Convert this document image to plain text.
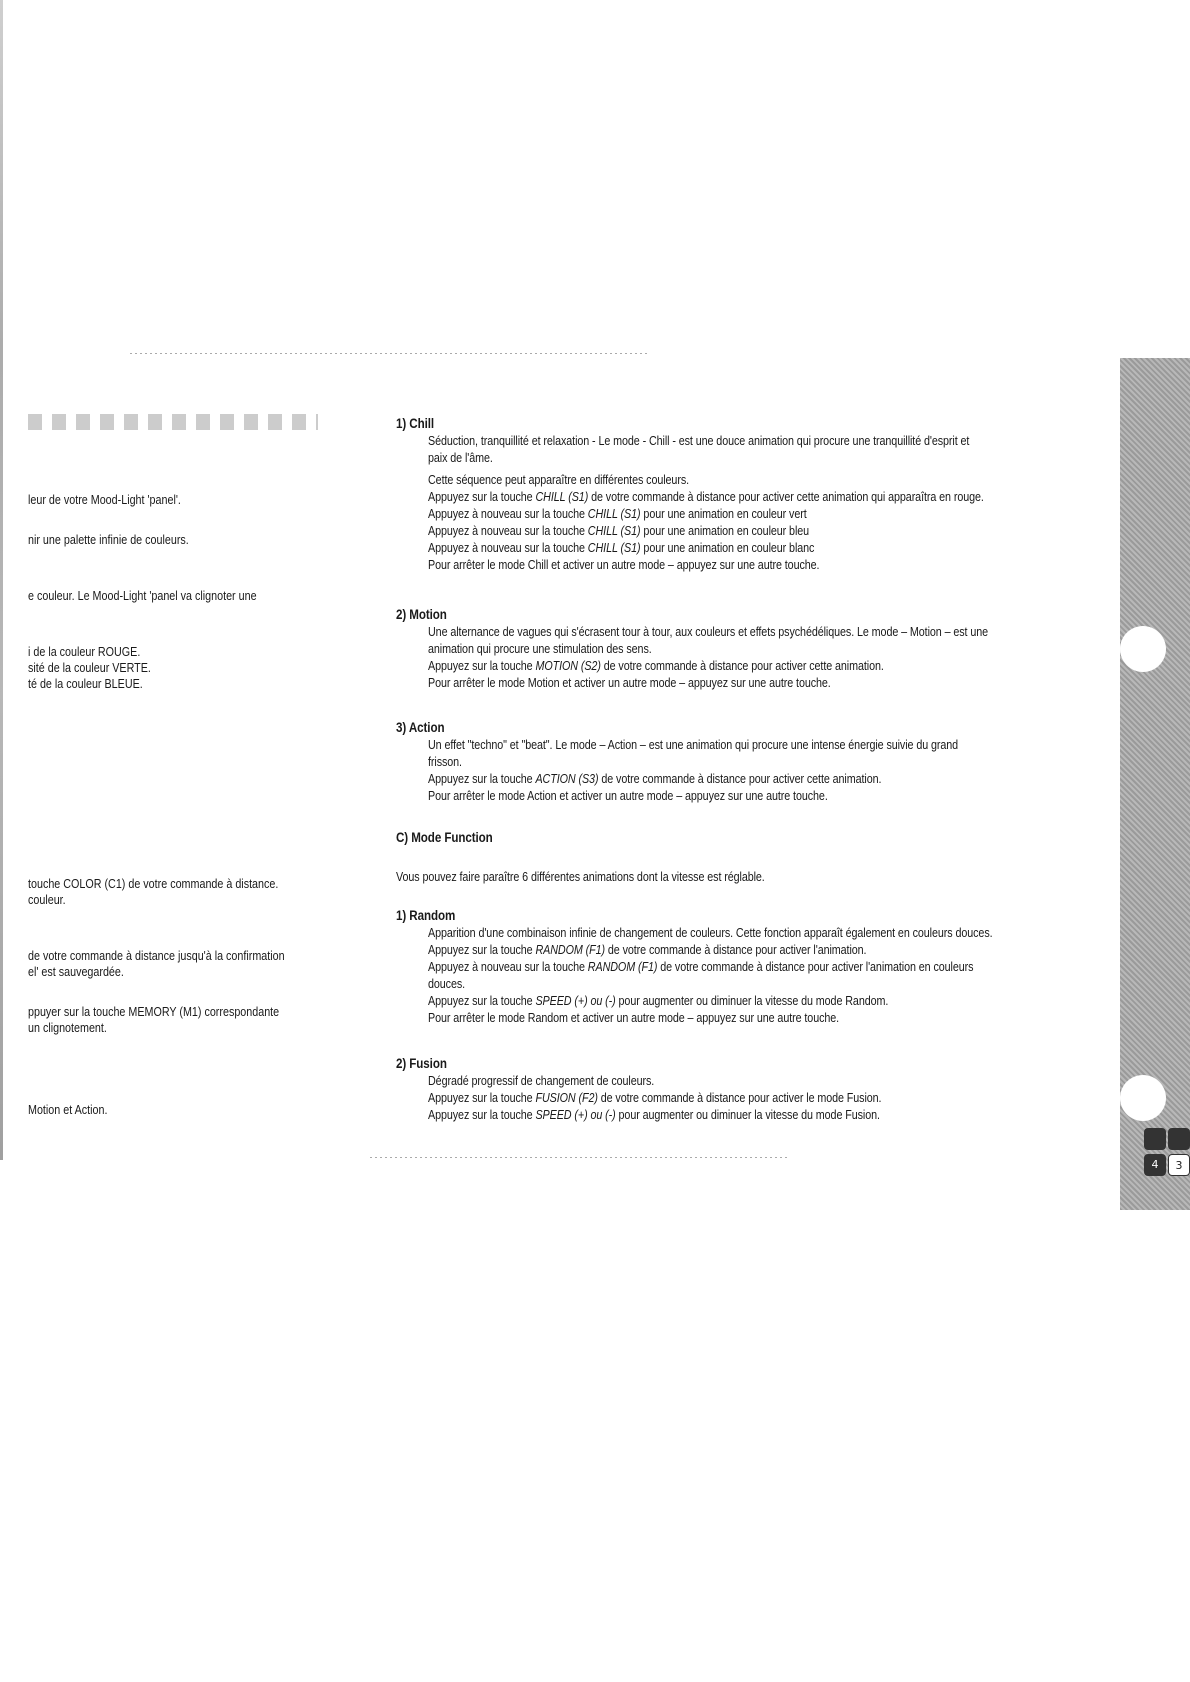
leur de votre Mood-Light 'panel'.
nir une palette infinie de couleurs.
e couleur. Le Mood-Light 'panel va clignoter une
i de la couleur ROUGE.
sité de la couleur VERTE.
té de la couleur BLEUE.
touche COLOR (C1) de votre commande à distance.
couleur.
de votre commande à distance jusqu'à la confirmation
el' est sauvegardée.
ppuyer sur la touche MEMORY (M1) correspondante
un clignotement.
Motion et Action.
1) Chill
Séduction, tranquillité et relaxation - Le mode - Chill - est une douce animation qui procure une tranquillité d'esprit et
paix de l'âme.
Cette séquence peut apparaître en différentes couleurs.
Appuyez sur la touche CHILL (S1) de votre commande à distance pour activer cette animation qui apparaîtra en rouge.
Appuyez à nouveau sur la touche CHILL (S1) pour une animation en couleur vert
Appuyez à nouveau sur la touche CHILL (S1) pour une animation en couleur bleu
Appuyez à nouveau sur la touche CHILL (S1) pour une animation en couleur blanc
Pour arrêter le mode Chill et activer un autre mode – appuyez sur une autre touche.
2) Motion
Une alternance de vagues qui s'écrasent tour à tour, aux couleurs et effets psychédéliques. Le mode – Motion – est une
animation qui procure une stimulation des sens.
Appuyez sur la touche MOTION (S2) de votre commande à distance pour activer cette animation.
Pour arrêter le mode Motion et activer un autre mode – appuyez sur une autre touche.
3) Action
Un effet "techno" et "beat". Le mode – Action – est une animation qui procure une intense énergie suivie du grand
frisson.
Appuyez sur la touche ACTION (S3) de votre commande à distance pour activer cette animation.
Pour arrêter le mode Action et activer un autre mode – appuyez sur une autre touche.
C) Mode Function
Vous pouvez faire paraître 6 différentes animations dont la vitesse est réglable.
1) Random
Apparition d'une combinaison infinie de changement de couleurs. Cette fonction apparaît également en couleurs douces.
Appuyez sur la touche RANDOM (F1) de votre commande à distance pour activer l'animation.
Appuyez à nouveau sur la touche RANDOM (F1) de votre commande à distance pour activer l'animation en couleurs
douces.
Appuyez sur la touche SPEED (+) ou (-) pour augmenter ou diminuer la vitesse du mode Random.
Pour arrêter le mode Random et activer un autre mode – appuyez sur une autre touche.
2) Fusion
Dégradé progressif de changement de couleurs.
Appuyez sur la touche FUSION (F2) de votre commande à distance pour activer le mode Fusion.
Appuyez sur la touche SPEED (+) ou (-) pour augmenter ou diminuer la vitesse du mode Fusion.
4	3
